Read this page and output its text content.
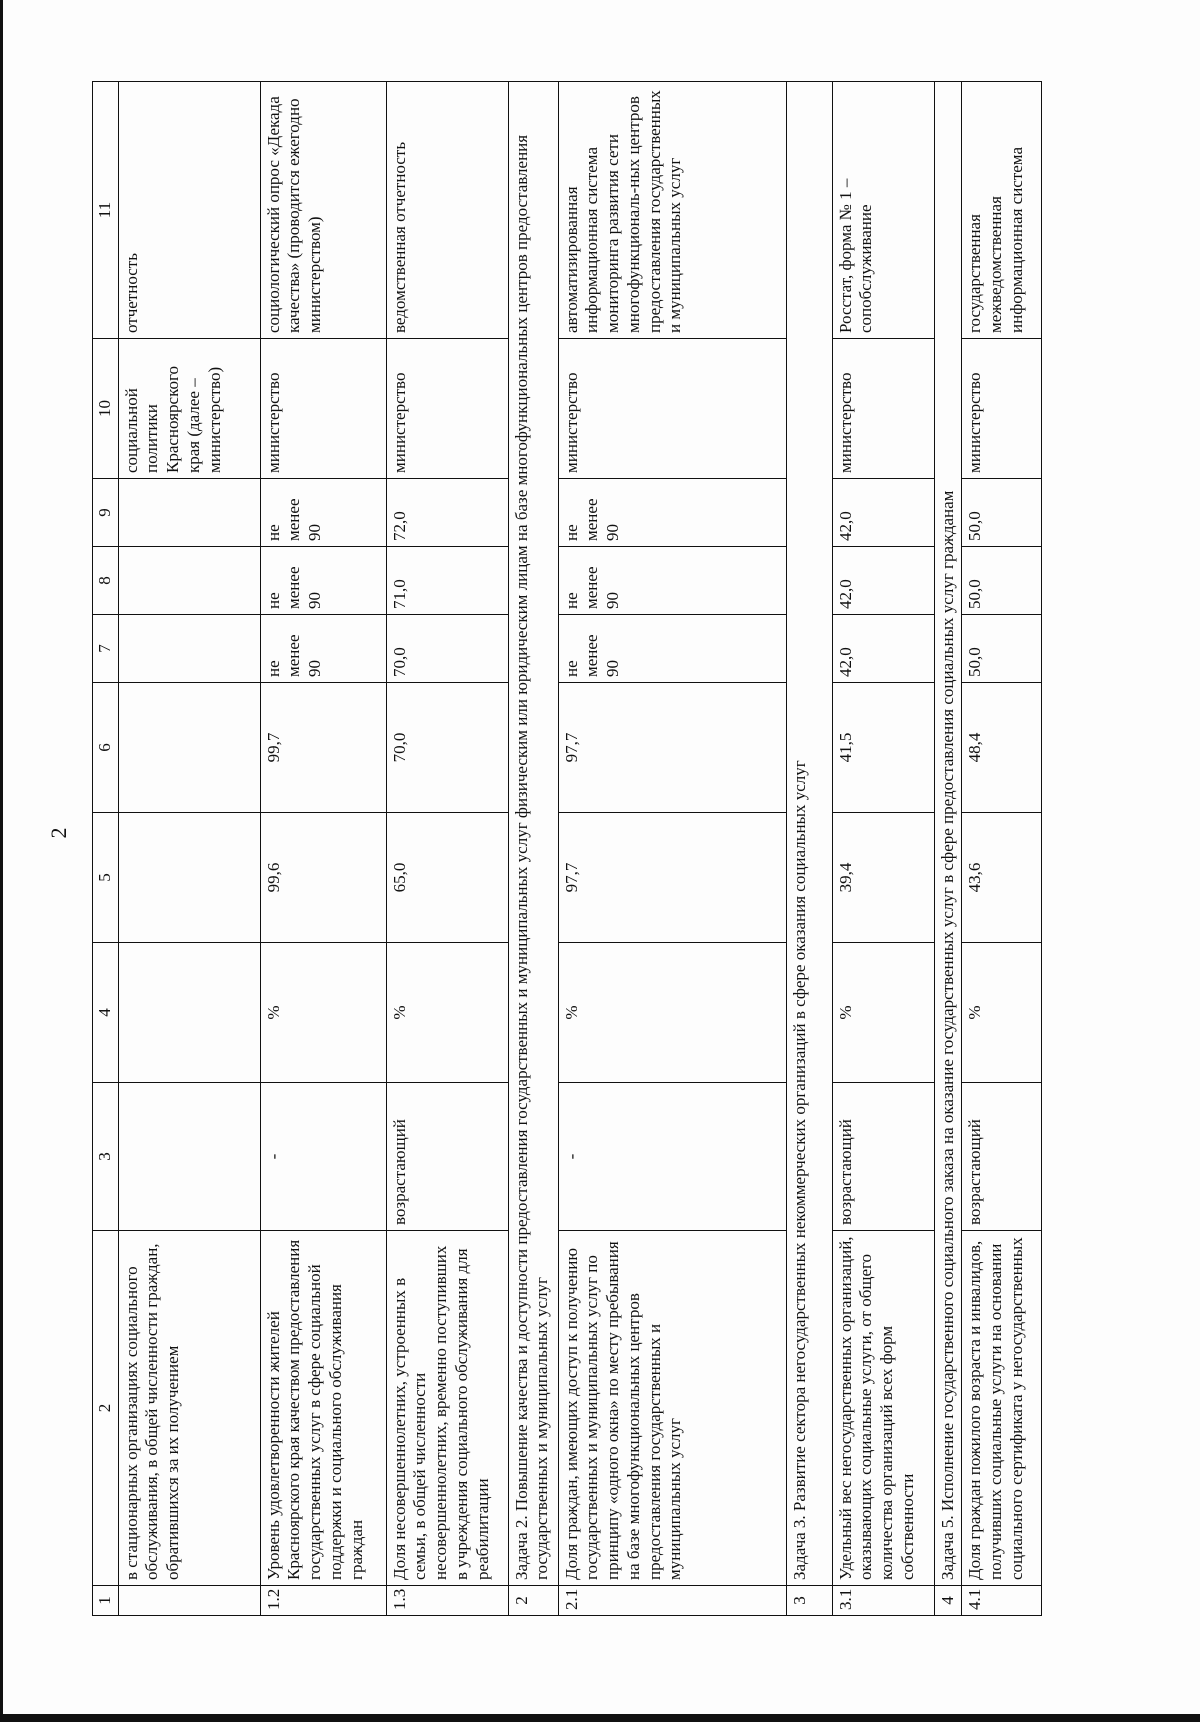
2
1	2	3	4	5	6	7	8	9	10	11
	в стационарных организациях социального обслуживания, в общей численности граждан, обратившихся за их получением								социальной политики Красноярского края (далее – министерство)	отчетность
1.2	Уровень удовлетворенности жителей Красноярского края качеством предоставления государственных услуг в сфере социальной поддержки и социального обслуживания граждан	-	%	99,6	99,7	не менее 90	не менее 90	не менее 90	министерство	социологический опрос «Декада качества» (проводится ежегодно министерством)
1.3	Доля несовершеннолетних, устроенных в семьи, в общей численности несовершеннолетних, временно поступивших в учреждения социального обслуживания для реабилитации	возрастающий	%	65,0	70,0	70,0	71,0	72,0	министерство	ведомственная отчетность
2	Задача 2. Повышение качества и доступности предоставления государственных и муниципальных услуг физическим или юридическим лицам на базе многофункциональных центров предоставления государственных и муниципальных услуг									
2.1	Доля граждан, имеющих доступ к получению государственных и муниципальных услуг по принципу «одного окна» по месту пребывания на базе многофункциональных центров предоставления государственных и муниципальных услуг	-	%	97,7	97,7	не менее 90	не менее 90	не менее 90	министерство	автоматизированная информационная система мониторинга развития сети многофункциональ-ных центров предоставления государственных и муниципальных услуг
3	Задача 3. Развитие сектора негосударственных некоммерческих организаций в сфере оказания социальных услуг									
3.1	Удельный вес негосударственных организаций, оказывающих социальные услуги, от общего количества организаций всех форм собственности	возрастающий	%	39,4	41,5	42,0	42,0	42,0	министерство	Росстат, форма № 1 – сопобслуживание
4	Задача 5. Исполнение государственного социального заказа на оказание государственных услуг в сфере предоставления социальных услуг гражданам									
4.1	Доля граждан пожилого возраста и инвалидов, получивших социальные услуги на основании социального сертификата у негосударственных	возрастающий	%	43,6	48,4	50,0	50,0	50,0	министерство	государственная межведомственная информационная система
